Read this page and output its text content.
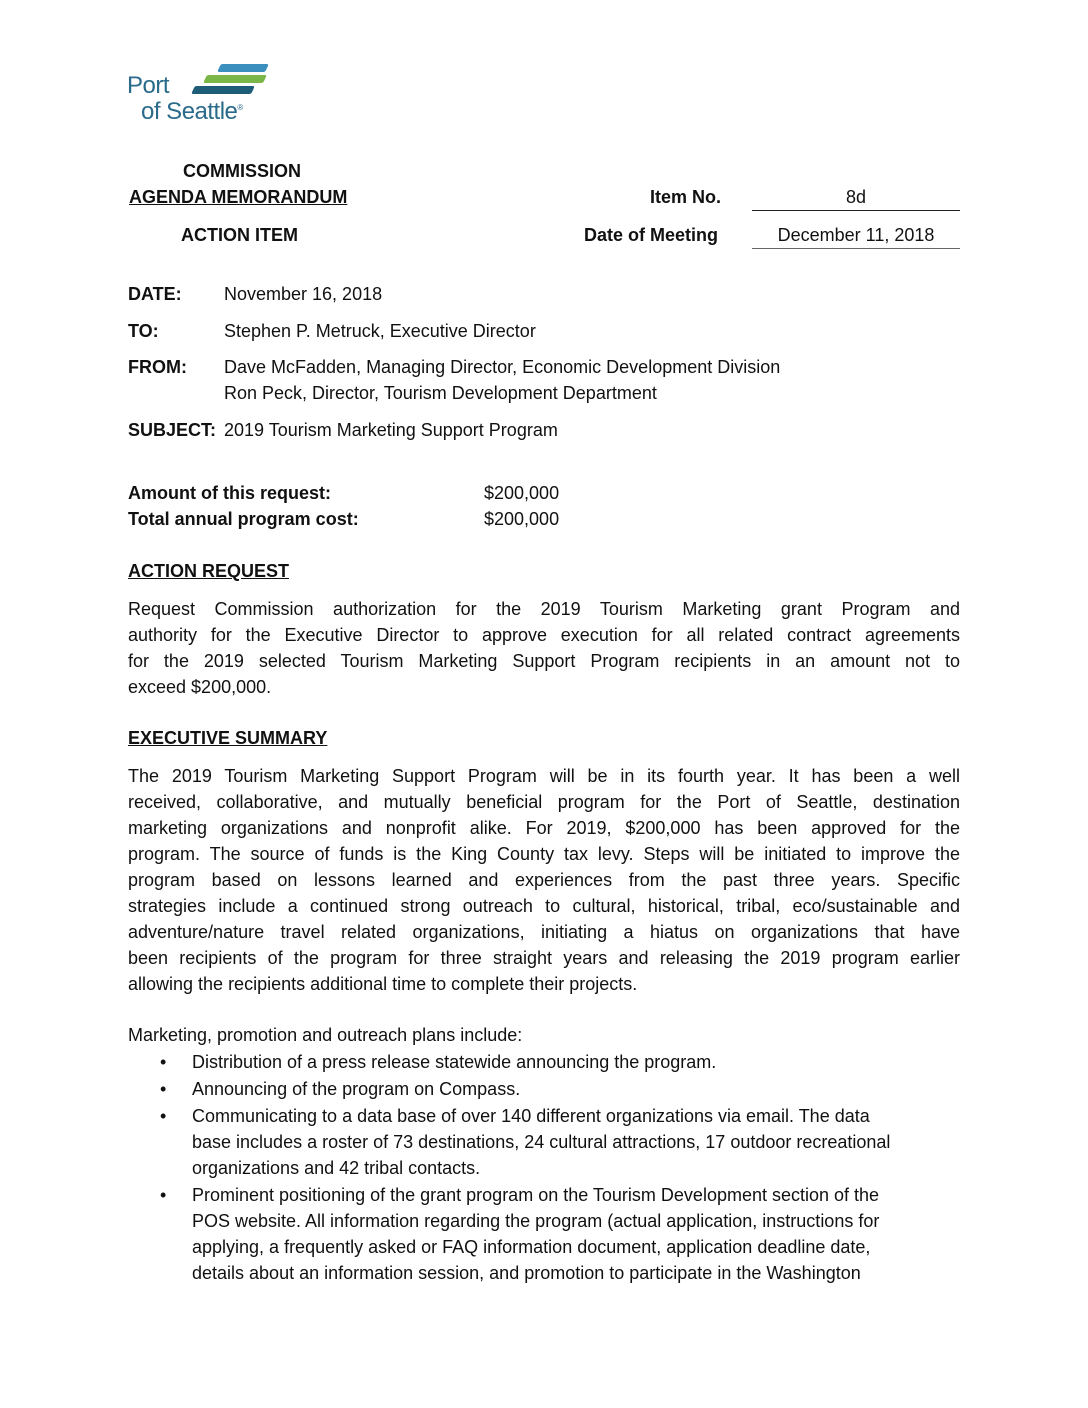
Port
of Seattle®
COMMISSION
AGENDA MEMORANDUM
ACTION ITEM
Item No.	8d
Date of Meeting	December 11, 2018
DATE: November 16, 2018
TO:	Stephen P. Metruck, Executive Director
FROM: Dave McFadden, Managing Director, Economic Development Division
Ron Peck, Director, Tourism Development Department
SUBJECT: 2019 Tourism Marketing Support Program
Amount of this request:	$200,000
Total annual program cost:	$200,000
ACTION REQUEST
Request Commission authorization for the 2019 Tourism Marketing grant Program and
authority for the Executive Director to approve execution for all related contract agreements
for the 2019 selected Tourism Marketing Support Program recipients in an amount not to
exceed $200,000.
EXECUTIVE SUMMARY
The 2019 Tourism Marketing Support Program will be in its fourth year. It has been a well
received, collaborative, and mutually beneficial program for the Port of Seattle, destination
marketing organizations and nonprofit alike. For 2019, $200,000 has been approved for the
program. The source of funds is the King County tax levy. Steps will be initiated to improve the
program based on lessons learned and experiences from the past three years. Specific
strategies include a continued strong outreach to cultural, historical, tribal, eco/sustainable and
adventure/nature travel related organizations, initiating a hiatus on organizations that have
been recipients of the program for three straight years and releasing the 2019 program earlier
allowing the recipients additional time to complete their projects.
Marketing, promotion and outreach plans include:
•	Distribution of a press release statewide announcing the program.
•	Announcing of the program on Compass.
•	Communicating to a data base of over 140 different organizations via email. The data
base includes a roster of 73 destinations, 24 cultural attractions, 17 outdoor recreational
organizations and 42 tribal contacts.
•	Prominent positioning of the grant program on the Tourism Development section of the
POS website. All information regarding the program (actual application, instructions for
applying, a frequently asked or FAQ information document, application deadline date,
details about an information session, and promotion to participate in the Washington
